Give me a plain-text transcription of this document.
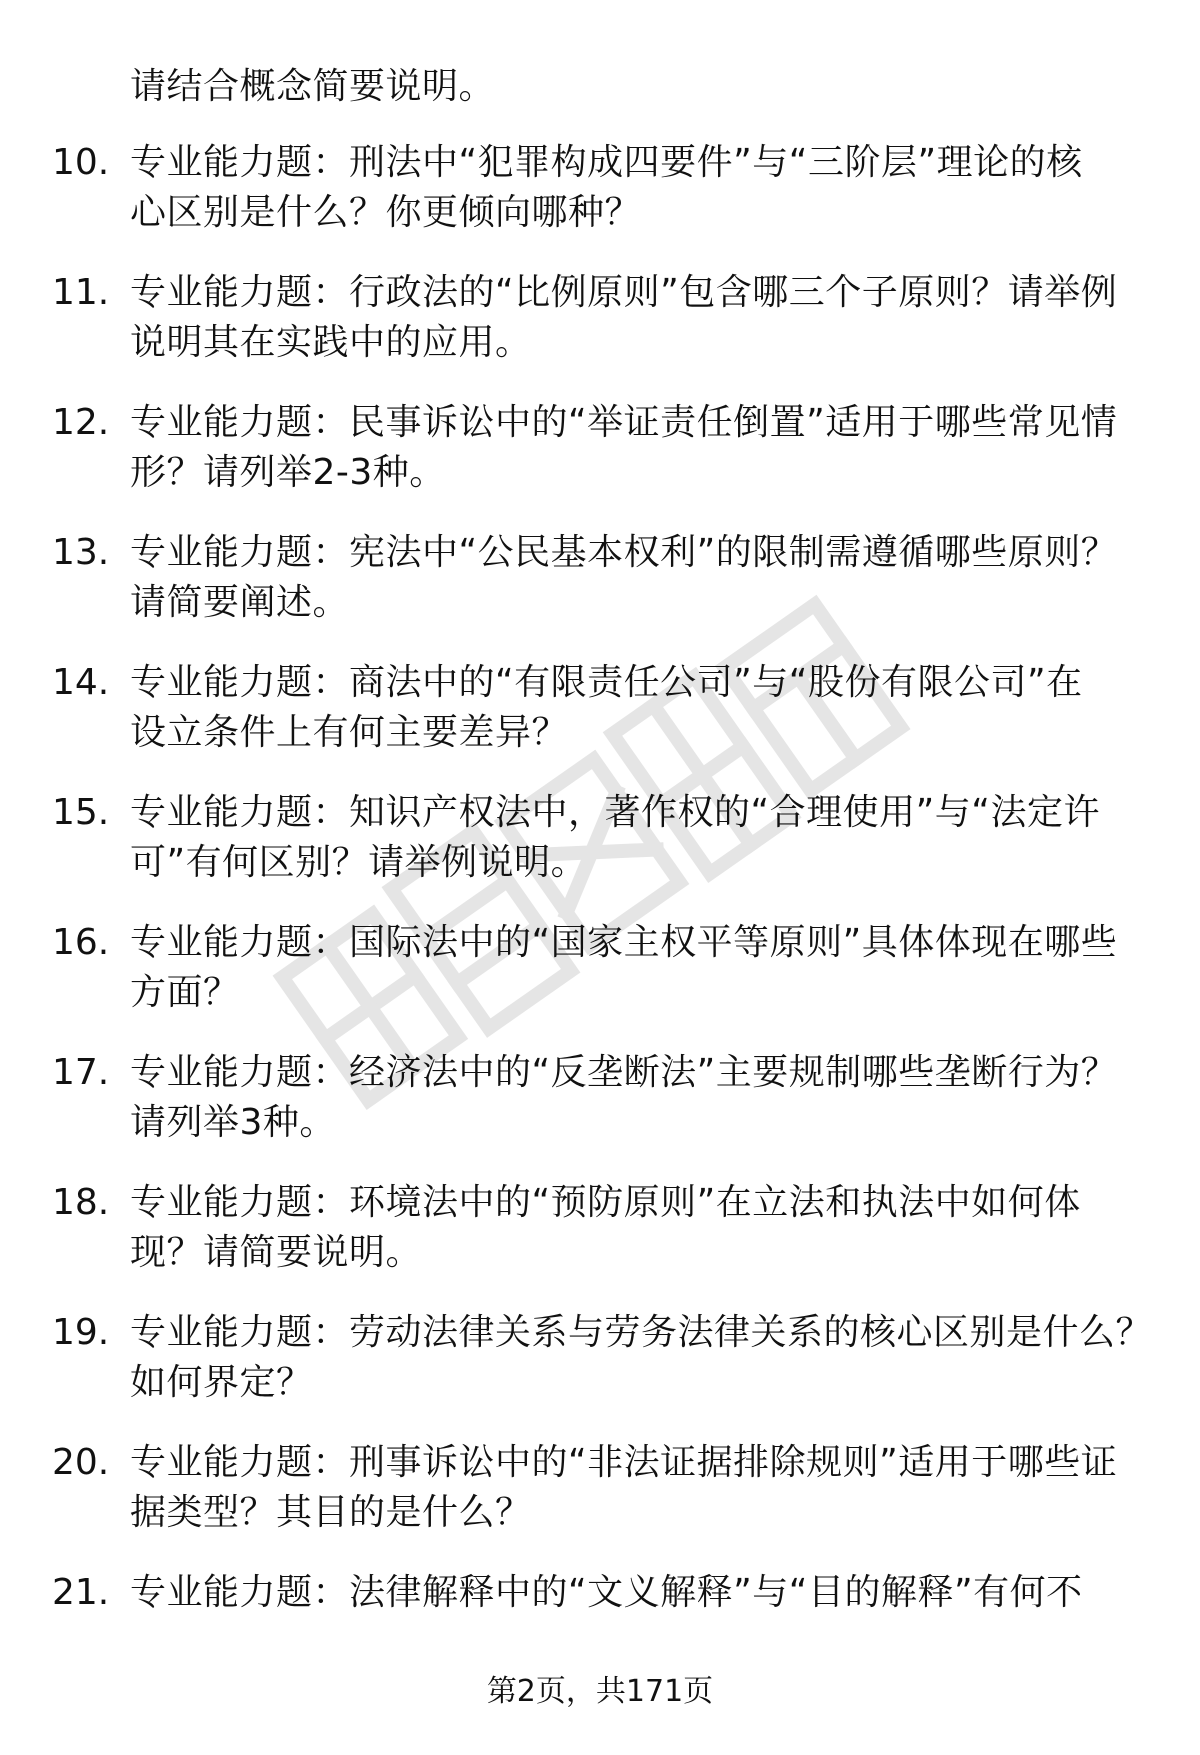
请结合概念简要说明。
10. 专业能力题：刑法中“犯罪构成四要件”与“三阶层”理论的核
心区别是什么？你更倾向哪种？
11. 专业能力题：行政法的“比例原则”包含哪三个子原则？请举例
说明其在实践中的应用。
12. 专业能力题：民事诉讼中的“举证责任倒置”适用于哪些常见情
形？请列举2-3种。
13. 专业能力题：宪法中“公民基本权利”的限制需遵循哪些原则？
请简要阐述。
14. 专业能力题：商法中的“有限责任公司”与“股份有限公司”在
设立条件上有何主要差异？
15. 专业能力题：知识产权法中，著作权的“合理使用”与“法定许
可”有何区别？请举例说明。
16. 专业能力题：国际法中的“国家主权平等原则”具体体现在哪些
方面？
17. 专业能力题：经济法中的“反垄断法”主要规制哪些垄断行为？
请列举3种。
18. 专业能力题：环境法中的“预防原则”在立法和执法中如何体
现？请简要说明。
19. 专业能力题：劳动法律关系与劳务法律关系的核心区别是什么？
如何界定？
20. 专业能力题：刑事诉讼中的“非法证据排除规则”适用于哪些证
据类型？其目的是什么？
21. 专业能力题：法律解释中的“文义解释”与“目的解释”有何不
第2页，共171页
